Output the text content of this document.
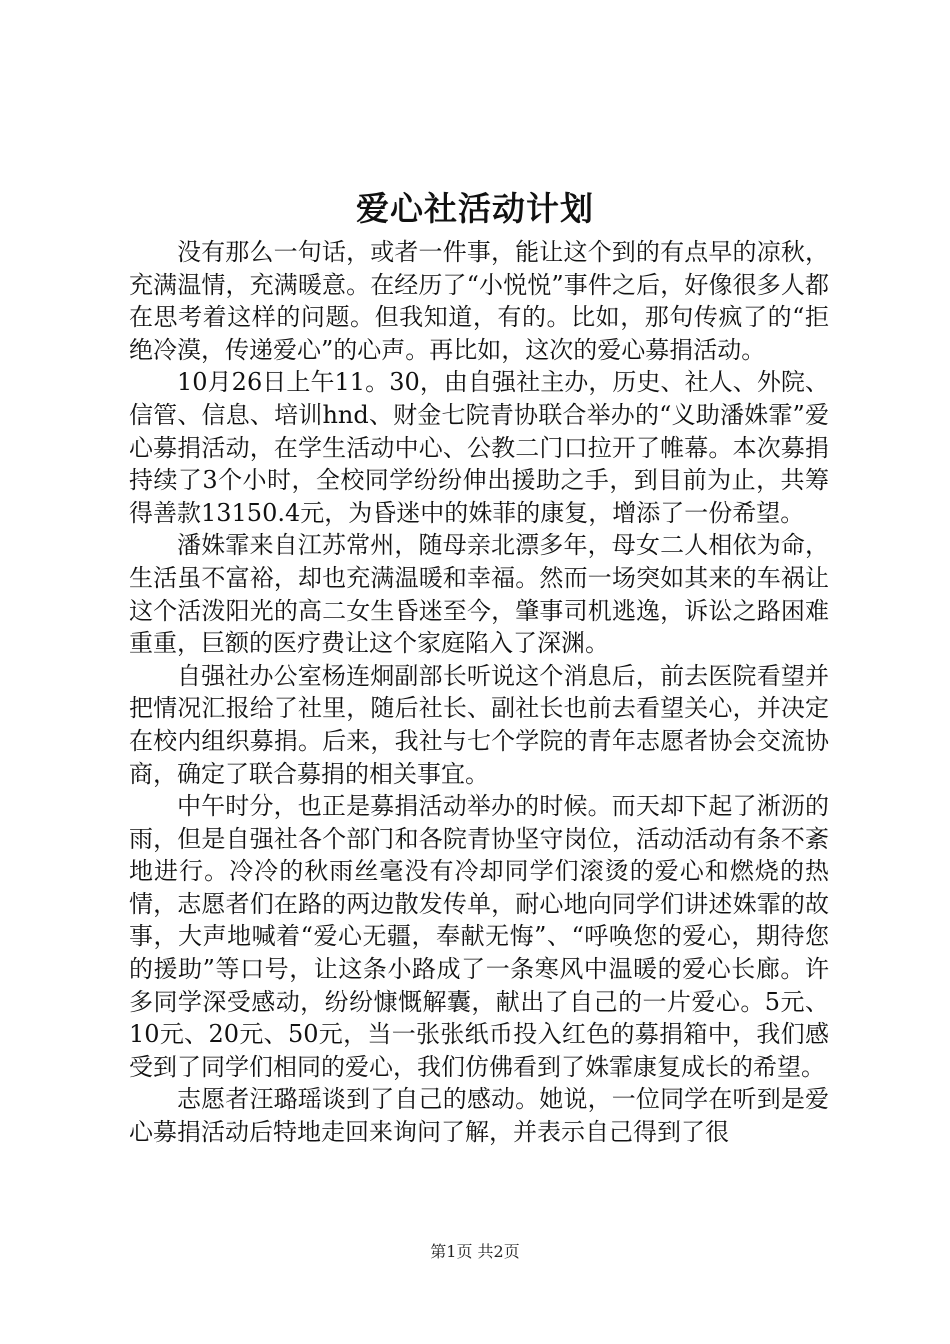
爱心社活动计划

没有那么一句话，或者一件事，能让这个到的有点早的凉秋，充满温情，充满暖意。在经历了“小悦悦”事件之后，好像很多人都在思考着这样的问题。但我知道，有的。比如，那句传疯了的“拒绝冷漠，传递爱心”的心声。再比如，这次的爱心募捐活动。

10月26日上午11。30，由自强社主办，历史、社人、外院、信管、信息、培训hnd、财金七院青协联合举办的“义助潘姝霏”爱心募捐活动，在学生活动中心、公教二门口拉开了帷幕。本次募捐持续了3个小时，全校同学纷纷伸出援助之手，到目前为止，共筹得善款13150.4元，为昏迷中的姝菲的康复，增添了一份希望。

潘姝霏来自江苏常州，随母亲北漂多年，母女二人相依为命，生活虽不富裕，却也充满温暖和幸福。然而一场突如其来的车祸让这个活泼阳光的高二女生昏迷至今，肇事司机逃逸，诉讼之路困难重重，巨额的医疗费让这个家庭陷入了深渊。

自强社办公室杨连炯副部长听说这个消息后，前去医院看望并把情况汇报给了社里，随后社长、副社长也前去看望关心，并决定在校内组织募捐。后来，我社与七个学院的青年志愿者协会交流协商，确定了联合募捐的相关事宜。

中午时分，也正是募捐活动举办的时候。而天却下起了淅沥的雨，但是自强社各个部门和各院青协坚守岗位，活动活动有条不紊地进行。冷冷的秋雨丝毫没有冷却同学们滚烫的爱心和燃烧的热情，志愿者们在路的两边散发传单，耐心地向同学们讲述姝霏的故事，大声地喊着“爱心无疆，奉献无悔”、“呼唤您的爱心，期待您的援助”等口号，让这条小路成了一条寒风中温暖的爱心长廊。许多同学深受感动，纷纷慷慨解囊，献出了自己的一片爱心。5元、10元、20元、50元，当一张张纸币投入红色的募捐箱中，我们感受到了同学们相同的爱心，我们仿佛看到了姝霏康复成长的希望。

志愿者汪璐瑶谈到了自己的感动。她说，一位同学在听到是爱心募捐活动后特地走回来询问了解，并表示自己得到了很

第1页 共2页
